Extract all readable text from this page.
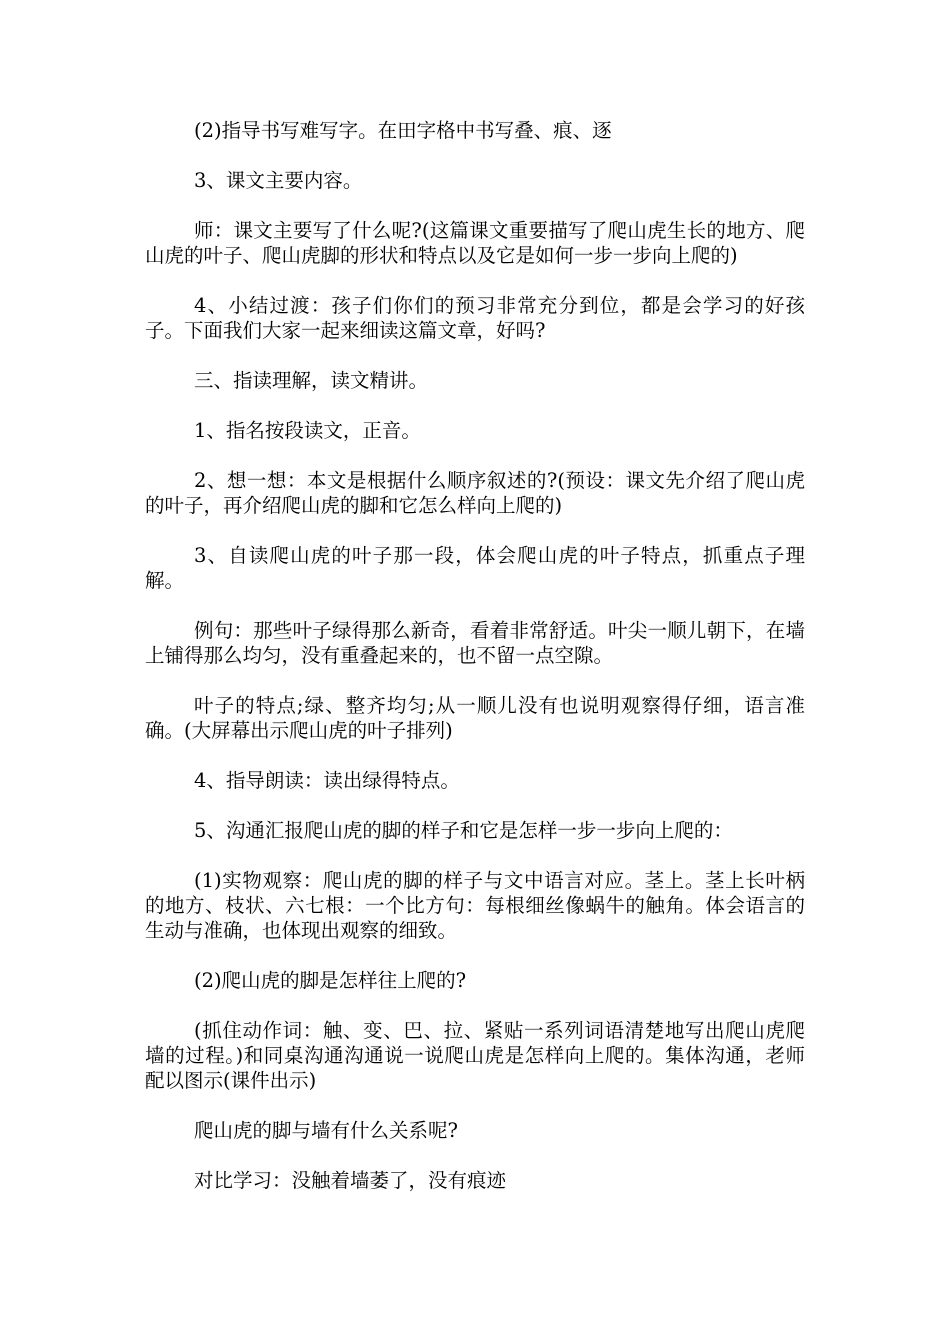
(2)指导书写难写字。在田字格中书写叠、痕、逐

3、课文主要内容。

师：课文主要写了什么呢?(这篇课文重要描写了爬山虎生长的地方、爬山虎的叶子、爬山虎脚的形状和特点以及它是如何一步一步向上爬的)

4、小结过渡：孩子们你们的预习非常充分到位，都是会学习的好孩子。下面我们大家一起来细读这篇文章，好吗?

三、指读理解，读文精讲。

1、指名按段读文，正音。

2、想一想：本文是根据什么顺序叙述的?(预设：课文先介绍了爬山虎的叶子，再介绍爬山虎的脚和它怎么样向上爬的)

3、自读爬山虎的叶子那一段，体会爬山虎的叶子特点，抓重点子理解。

例句：那些叶子绿得那么新奇，看着非常舒适。叶尖一顺儿朝下，在墙上铺得那么均匀，没有重叠起来的，也不留一点空隙。

叶子的特点;绿、整齐均匀;从一顺儿没有也说明观察得仔细，语言准确。(大屏幕出示爬山虎的叶子排列)

4、指导朗读：读出绿得特点。

5、沟通汇报爬山虎的脚的样子和它是怎样一步一步向上爬的：

(1)实物观察：爬山虎的脚的样子与文中语言对应。茎上。茎上长叶柄的地方、枝状、六七根：一个比方句：每根细丝像蜗牛的触角。体会语言的生动与准确，也体现出观察的细致。

(2)爬山虎的脚是怎样往上爬的?

(抓住动作词：触、变、巴、拉、紧贴一系列词语清楚地写出爬山虎爬墙的过程。)和同桌沟通沟通说一说爬山虎是怎样向上爬的。集体沟通，老师配以图示(课件出示)

爬山虎的脚与墙有什么关系呢?

对比学习：没触着墙萎了，没有痕迹
